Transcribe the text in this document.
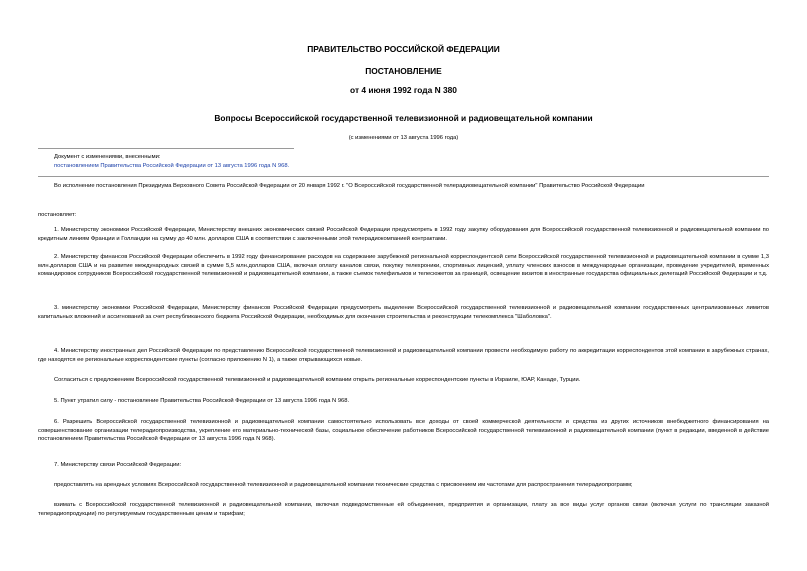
ПРАВИТЕЛЬСТВО РОССИЙСКОЙ ФЕДЕРАЦИИ
ПОСТАНОВЛЕНИЕ
от 4 июня 1992 года N 380
Вопросы Всероссийской государственной телевизионной и радиовещательной компании
(с изменениями от 13 августа 1996 года)
Документ с изменениями, внесенными:
постановлением Правительства Российской Федерации от 13 августа 1996 года N 968.
Во исполнение постановления Президиума Верховного Совета Российской Федерации от 20 января 1992 г. "О Всероссийской государственной телерадиовещательной компании" Правительство Российской Федерации
постановляет:
1. Министерству экономики Российской Федерации, Министерству внешних экономических связей Российской Федерации предусмотреть в 1992 году закупку оборудования для Всероссийской государственной телевизионной и радиовещательной компании по кредитным линиям Франции и Голландии на сумму до 40 млн. долларов США в соответствии с заключенными этой телерадиокомпанией контрактами.
2. Министерству финансов Российской Федерации обеспечить в 1992 году финансирование расходов на содержание зарубежной региональной корреспондентской сети Всероссийской государственной телевизионной и радиовещательной компании в сумме 1,3 млн.долларов США и на развитие международных связей в сумме 5,5 млн.долларов США, включая оплату каналов связи, покупку телехроники, спортивных лицензий, уплату членских взносов в международные организации, проведение учредителей, временных командировок сотрудников Всероссийской государственной телевизионной и радиовещательной компании, а также съемок телефильмов и телесюжетов за границей, освещение визитов в иностранные государства официальных делегаций Российской Федерации и т.д.
3. министерству экономики Российской Федерации, Министерству финансов Российской Федерации предусмотреть выделение Всероссийской государственной телевизионной и радиовещательной компании государственных централизованных лимитов капитальных вложений и ассигнований за счет республиканского бюджета Российской Федерации, необходимых для окончания строительства и реконструкции телекомплекса "Шаболовка".
4. Министерству иностранных дел Российской Федерации по представлению Всероссийской государственной телевизионной и радиовещательной компании провести необходимую работу по аккредитации корреспондентов этой компании в зарубежных странах, где находятся ее региональные корреспондентские пункты (согласно приложению N 1), а также открывающихся новые.
Согласиться с предложением Всероссийской государственной телевизионной и радиовещательной компании открыть региональные корреспондентские пункты в Израиле, ЮАР, Канаде, Турции.
5. Пункт утратил силу - постановление Правительства Российской Федерации от 13 августа 1996 года N 968.
6. Разрешить Всероссийской государственной телевизионной и радиовещательной компании самостоятельно использовать все доходы от своей коммерческой деятельности и средства из других источников внебюджетного финансирования на совершенствование организации телерадиопроизводства, укрепление его материально-технической базы, социальное обеспечение работников Всероссийской государственной телевизионной и радиовещательной компании (пункт в редакции, введенной в действие постановлением Правительства Российской Федерации от 13 августа 1996 года N 968).
7. Министерству связи Российской Федерации:
предоставлять на арендных условиях Всероссийской государственной телевизионной и радиовещательной компании технические средства с присвоением им частотами для распространения телерадиопрограмм;
взимать с Всероссийской государственной телевизионной и радиовещательной компании, включая подведомственные ей объединения, предприятия и организации, плату за все виды услуг органов связи (включая услуги по трансляции заказной телерадиопродукции) по регулируемым государственным ценам и тарифам;
